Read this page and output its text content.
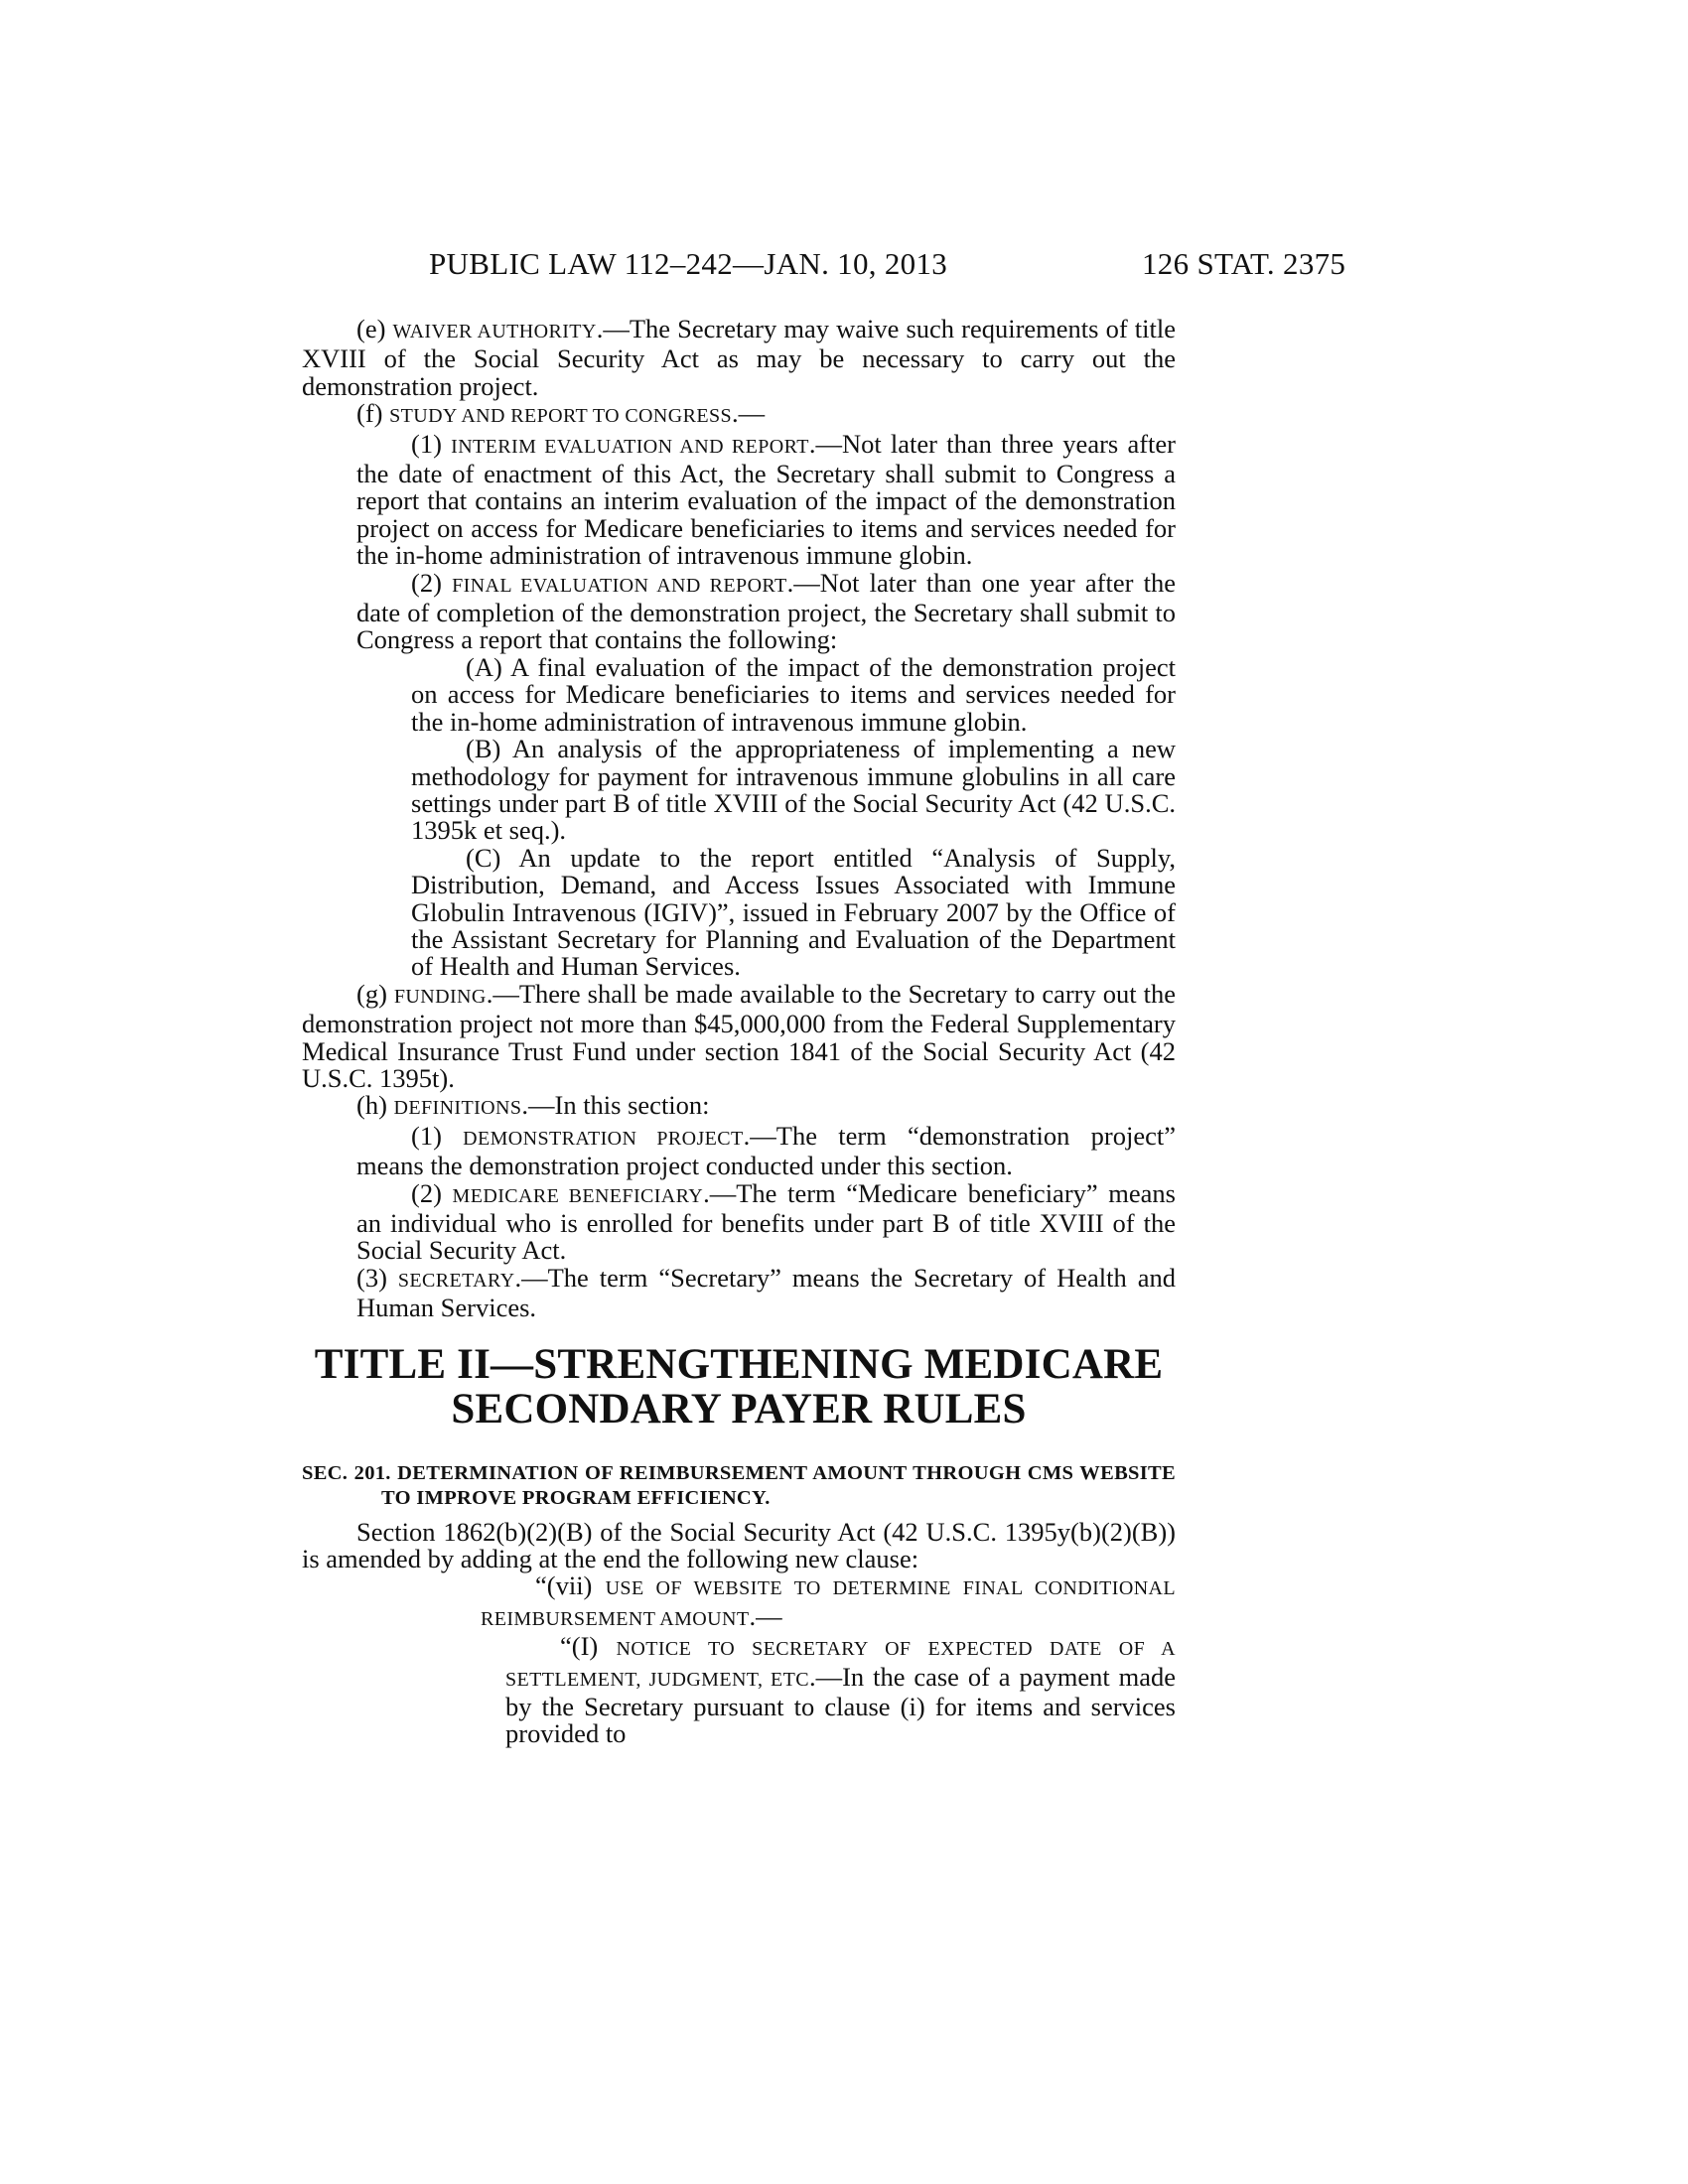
PUBLIC LAW 112–242—JAN. 10, 2013	126 STAT. 2375

(e) WAIVER AUTHORITY.—The Secretary may waive such requirements of title XVIII of the Social Security Act as may be necessary to carry out the demonstration project.

(f) STUDY AND REPORT TO CONGRESS.—

(1) INTERIM EVALUATION AND REPORT.—Not later than three years after the date of enactment of this Act, the Secretary shall submit to Congress a report that contains an interim evaluation of the impact of the demonstration project on access for Medicare beneficiaries to items and services needed for the in-home administration of intravenous immune globin.

(2) FINAL EVALUATION AND REPORT.—Not later than one year after the date of completion of the demonstration project, the Secretary shall submit to Congress a report that contains the following:

(A) A final evaluation of the impact of the demonstration project on access for Medicare beneficiaries to items and services needed for the in-home administration of intravenous immune globin.

(B) An analysis of the appropriateness of implementing a new methodology for payment for intravenous immune globulins in all care settings under part B of title XVIII of the Social Security Act (42 U.S.C. 1395k et seq.).

(C) An update to the report entitled “Analysis of Supply, Distribution, Demand, and Access Issues Associated with Immune Globulin Intravenous (IGIV)”, issued in February 2007 by the Office of the Assistant Secretary for Planning and Evaluation of the Department of Health and Human Services.

(g) FUNDING.—There shall be made available to the Secretary to carry out the demonstration project not more than $45,000,000 from the Federal Supplementary Medical Insurance Trust Fund under section 1841 of the Social Security Act (42 U.S.C. 1395t).

(h) DEFINITIONS.—In this section:

(1) DEMONSTRATION PROJECT.—The term “demonstration project” means the demonstration project conducted under this section.

(2) MEDICARE BENEFICIARY.—The term “Medicare beneficiary” means an individual who is enrolled for benefits under part B of title XVIII of the Social Security Act.

(3) SECRETARY.—The term “Secretary” means the Secretary of Health and Human Services.

TITLE II—STRENGTHENING MEDICARE
SECONDARY PAYER RULES

SEC. 201. DETERMINATION OF REIMBURSEMENT AMOUNT THROUGH CMS WEBSITE TO IMPROVE PROGRAM EFFICIENCY.

Section 1862(b)(2)(B) of the Social Security Act (42 U.S.C. 1395y(b)(2)(B)) is amended by adding at the end the following new clause:

“(vii) USE OF WEBSITE TO DETERMINE FINAL CONDITIONAL REIMBURSEMENT AMOUNT.—

“(I) NOTICE TO SECRETARY OF EXPECTED DATE OF A SETTLEMENT, JUDGMENT, ETC.—In the case of a payment made by the Secretary pursuant to clause (i) for items and services provided to
